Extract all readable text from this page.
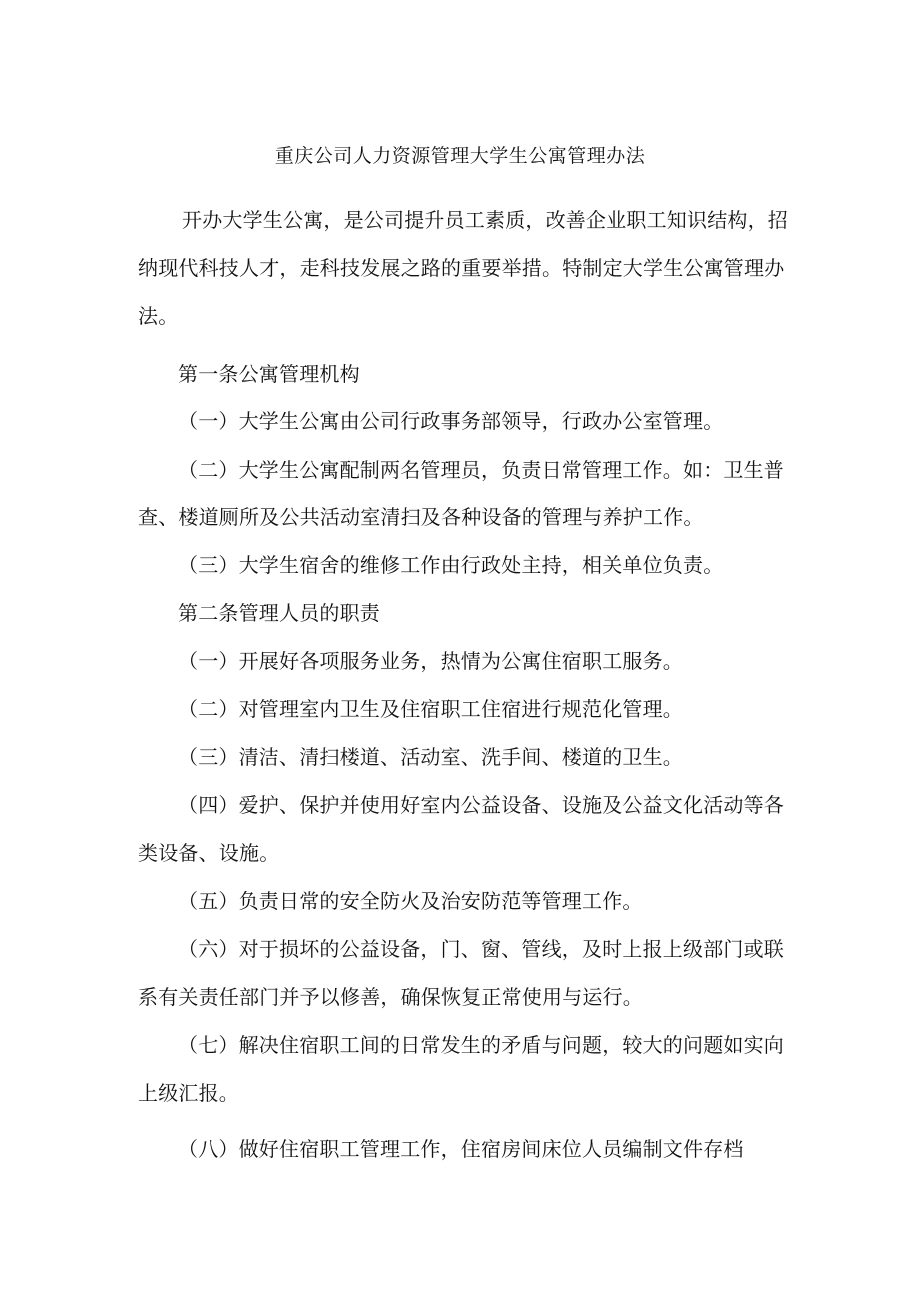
重庆公司人力资源管理大学生公寓管理办法
开办大学生公寓，是公司提升员工素质，改善企业职工知识结构，招
纳现代科技人才，走科技发展之路的重要举措。特制定大学生公寓管理办
法。
第一条公寓管理机构
（一）大学生公寓由公司行政事务部领导，行政办公室管理。
（二）大学生公寓配制两名管理员，负责日常管理工作。如：卫生普
查、楼道厕所及公共活动室清扫及各种设备的管理与养护工作。
（三）大学生宿舍的维修工作由行政处主持，相关单位负责。
第二条管理人员的职责
（一）开展好各项服务业务，热情为公寓住宿职工服务。
（二）对管理室内卫生及住宿职工住宿进行规范化管理。
（三）清洁、清扫楼道、活动室、洗手间、楼道的卫生。
（四）爱护、保护并使用好室内公益设备、设施及公益文化活动等各
类设备、设施。
（五）负责日常的安全防火及治安防范等管理工作。
（六）对于损坏的公益设备，门、窗、管线，及时上报上级部门或联
系有关责任部门并予以修善，确保恢复正常使用与运行。
（七）解决住宿职工间的日常发生的矛盾与问题，较大的问题如实向
上级汇报。
（八）做好住宿职工管理工作，住宿房间床位人员编制文件存档
